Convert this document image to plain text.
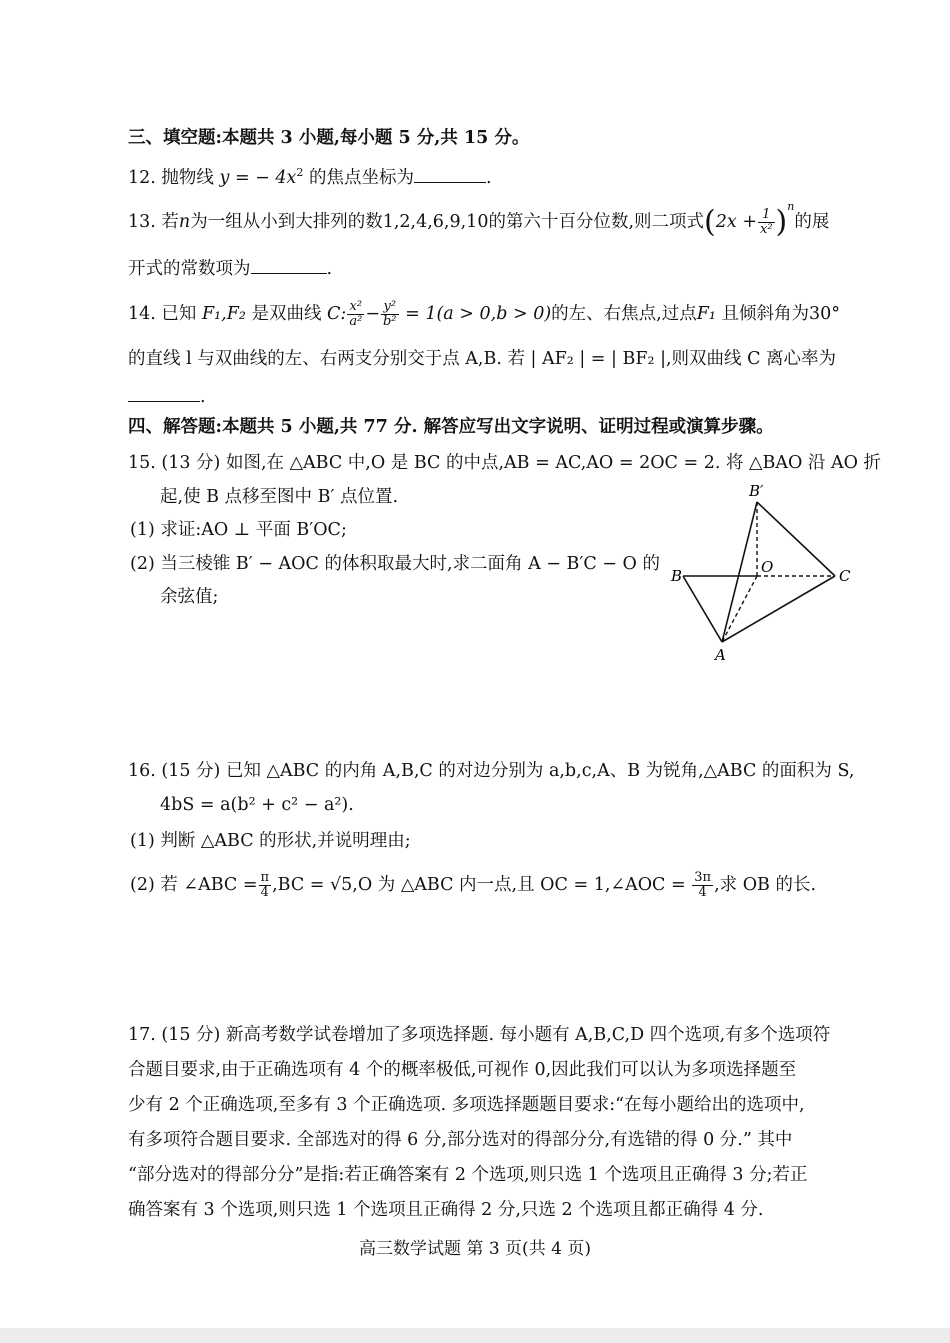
三、填空题:本题共 3 小题,每小题 5 分,共 15 分。
12. 抛物线 y = − $4x^2$ 的焦点坐标为	.
13. 若n为一组从小到大排列的数1,2,4,6,9,10的第六十百分位数,则二项式$(2x + \frac{1}{\text{x²}} )^n$的展
开式的常数项为	.
14. 已知 F₁,F₂ 是双曲线 C: $\frac{\text{x²}}{\text{a²}} - \frac{\text{y²}}{\text{b²}} = 1(a > 0,b > 0)$的左、右焦点,过点F₁ 且倾斜角为30°
的直线 l 与双曲线的左、右两支分别交于点 A,B. 若 | AF₂ | = | BF₂ |,则双曲线 C 离心率为
.
四、解答题:本题共 5 小题,共 77 分. 解答应写出文字说明、证明过程或演算步骤。
15. (13 分) 如图,在 △ABC 中,O 是 BC 的中点,AB = AC,AO = 2OC = 2. 将 △BAO 沿 AO 折
起,使 B 点移至图中 B′ 点位置.
(1) 求证:AO ⊥ 平面 B′OC;
(2) 当三棱锥 B′ − AOC 的体积取最大时,求二面角 A − B′C − O 的
余弦值;
B′
B	O	C
A
16. (15 分) 已知 △ABC 的内角 A,B,C 的对边分别为 a,b,c,A、B 为锐角,△ABC 的面积为 S,
4bS = a(b² + c² − a²).
(1) 判断 △ABC 的形状,并说明理由;
(2) 若 ∠ABC = $\frac{\pi}{4} ,BC = √5,O$ 为 △ABC 内一点,且 OC = 1,∠AOC = $\frac{3\pi}{4}$ ,求 OB 的长.
17. (15 分) 新高考数学试卷增加了多项选择题. 每小题有 A,B,C,D 四个选项,有多个选项符
合题目要求,由于正确选项有 4 个的概率极低,可视作 0,因此我们可以认为多项选择题至
少有 2 个正确选项,至多有 3 个正确选项. 多项选择题题目要求:“在每小题给出的选项中,
有多项符合题目要求. 全部选对的得 6 分,部分选对的得部分分,有选错的得 0 分.” 其中
“部分选对的得部分分”是指:若正确答案有 2 个选项,则只选 1 个选项且正确得 3 分;若正
确答案有 3 个选项,则只选 1 个选项且正确得 2 分,只选 2 个选项且都正确得 4 分.
高三数学试题 第 3 页(共 4 页)
